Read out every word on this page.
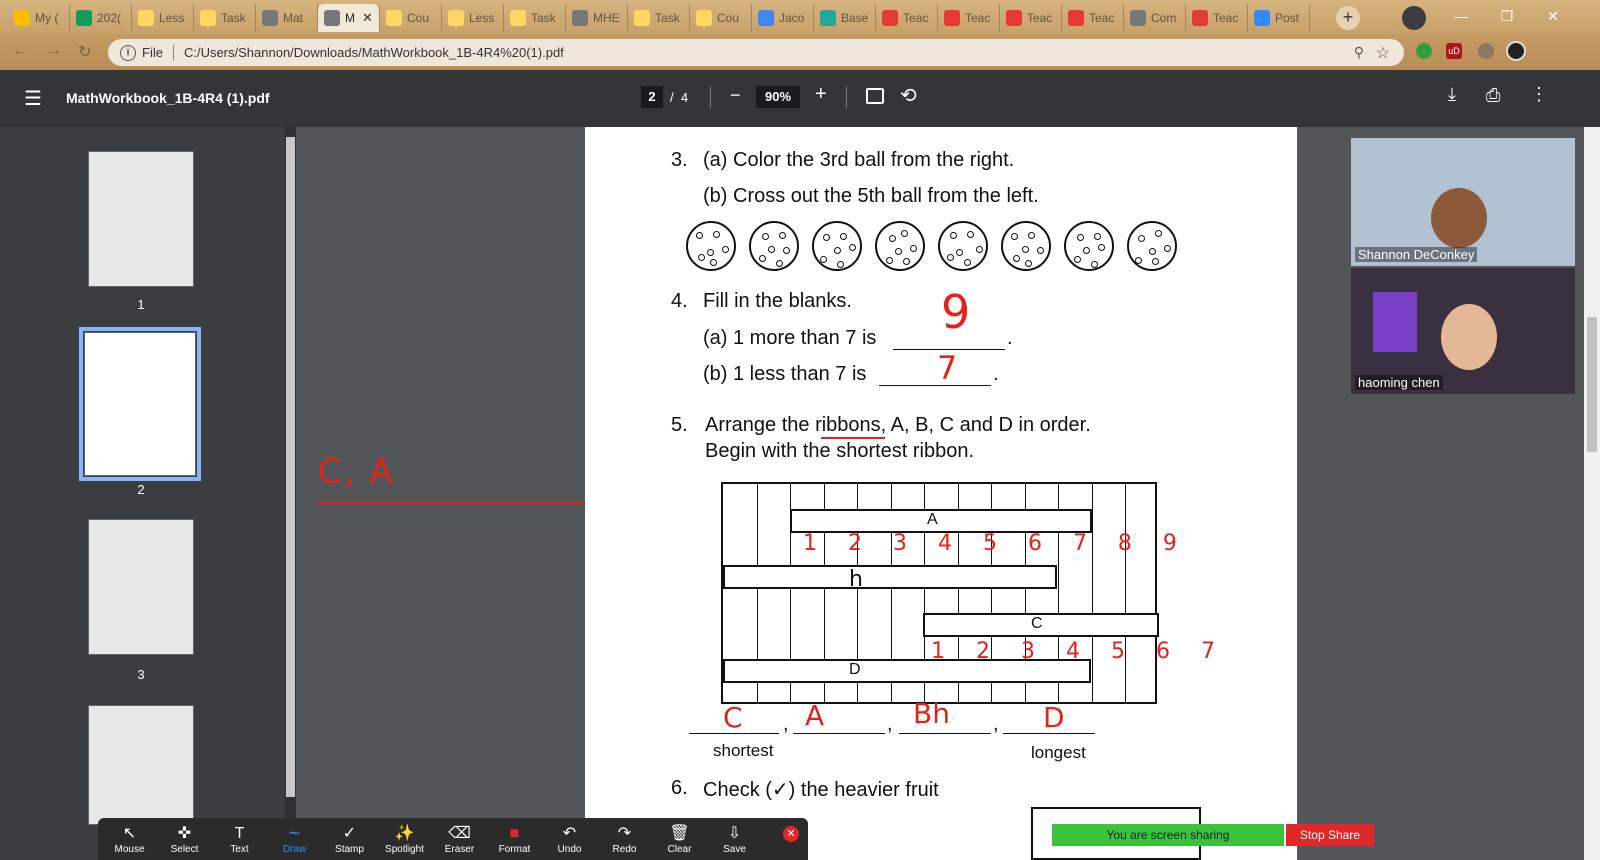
My (	202(	Less	Task	Mat	M ✕	Cou	Less	Task	MHE	Task	Cou	Jaco	Base	Teac	Teac	Teac	Teac	Com	Teac	Post	—	❐	✕
+
← → ↻	i File C:/Users/Shannon/Downloads/MathWorkbook_1B-4R4%20(1).pdf	⚲ ☆	uD
☰ MathWorkbook_1B-4R4 (1).pdf	2	/  4 −	90%	+	⟲	⤓ ⎙ ⋮
1
2
3
C, A
3. (a) Color the 3rd ball from the right.
(b) Cross out the 5th ball from the left.
4. Fill in the blanks.
(a) 1 more than 7 is	.
(b) 1 less than 7 is	.
9
7
5. Arrange the ribbons, A, B, C and D in order.
Begin with the shortest ribbon.
A
C
D
1 2 3 4 5 6 7 8 9
h
1 2 3 4 5 6 7
,	,	,
C A	Bh	D
shortest	longest
6. Check (✓) the heavier fruit
Shannon DeConkey
haoming chen
↖
Mouse
✜
Select
T
Text
∼
Draw
✓
Stamp
✨
Spotlight
⌫
Eraser
■
Format
↶
Undo
↷
Redo
🗑
Clear
⇩
Save
✕	You are screen sharing	Stop Share
